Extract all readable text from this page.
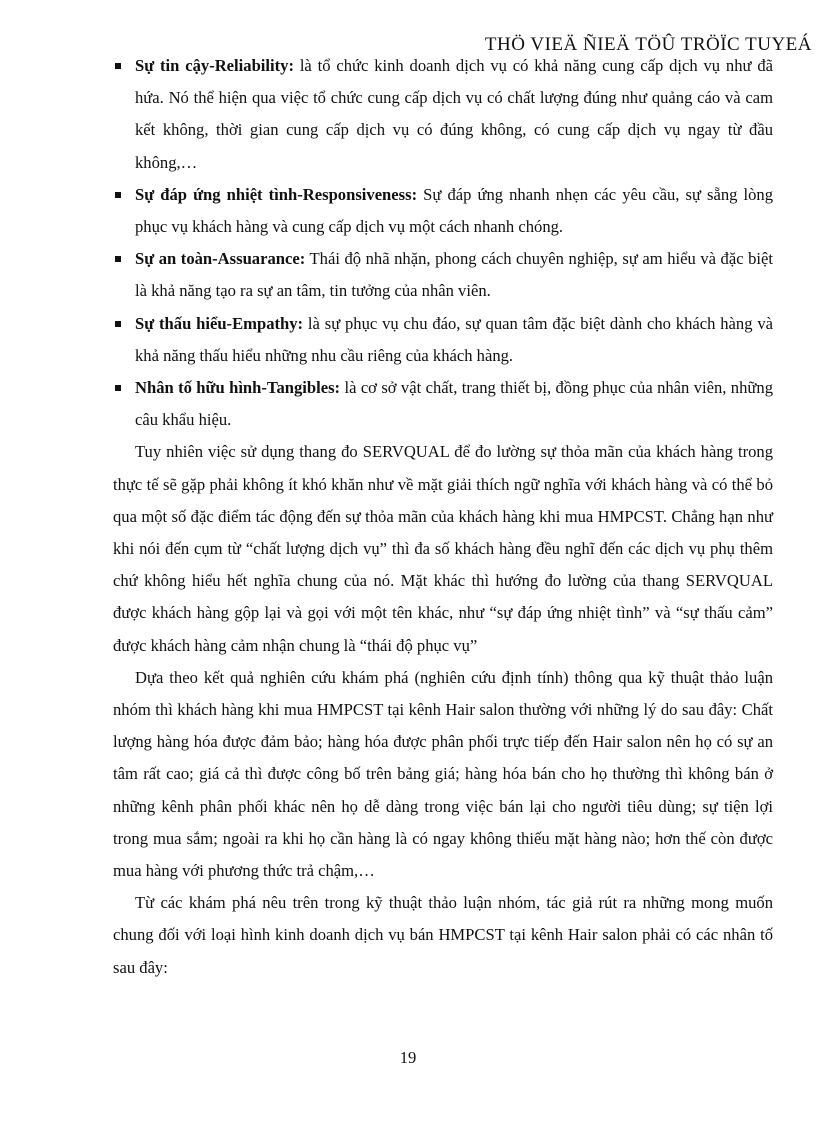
THÖ VIEÄ ÑIEÄ TÖÛ TRÖÏC TUYEÁ
Sự tin cậy-Reliability: là tổ chức kinh doanh dịch vụ có khả năng cung cấp dịch vụ như đã hứa. Nó thể hiện qua việc tổ chức cung cấp dịch vụ có chất lượng đúng như quảng cáo và cam kết không, thời gian cung cấp dịch vụ có đúng không, có cung cấp dịch vụ ngay từ đầu không,…
Sự đáp ứng nhiệt tình-Responsiveness: Sự đáp ứng nhanh nhẹn các yêu cầu, sự sẵng lòng phục vụ khách hàng và cung cấp dịch vụ một cách nhanh chóng.
Sự an toàn-Assuarance: Thái độ nhã nhặn, phong cách chuyên nghiệp, sự am hiểu và đặc biệt là khả năng tạo ra sự an tâm, tin tưởng của nhân viên.
Sự thấu hiểu-Empathy: là sự phục vụ chu đáo, sự quan tâm đặc biệt dành cho khách hàng và khả năng thấu hiểu những nhu cầu riêng của khách hàng.
Nhân tố hữu hình-Tangibles: là cơ sở vật chất, trang thiết bị, đồng phục của nhân viên, những câu khẩu hiệu.

Tuy nhiên việc sử dụng thang đo SERVQUAL để đo lường sự thỏa mãn của khách hàng trong thực tế sẽ gặp phải không ít khó khăn như về mặt giải thích ngữ nghĩa với khách hàng và có thể bỏ qua một số đặc điểm tác động đến sự thỏa mãn của khách hàng khi mua HMPCST. Chẳng hạn như khi nói đến cụm từ “chất lượng dịch vụ” thì đa số khách hàng đều nghĩ đến các dịch vụ phụ thêm chứ không hiểu hết nghĩa chung của nó. Mặt khác thì hướng đo lường của thang SERVQUAL được khách hàng gộp lại và gọi với một tên khác, như “sự đáp ứng nhiệt tình” và “sự thấu cảm” được khách hàng cảm nhận chung là “thái độ phục vụ”

Dựa theo kết quả nghiên cứu khám phá (nghiên cứu định tính) thông qua kỹ thuật thảo luận nhóm thì khách hàng khi mua HMPCST tại kênh Hair salon thường với những lý do sau đây: Chất lượng hàng hóa được đảm bảo; hàng hóa được phân phối trực tiếp đến Hair salon nên họ có sự an tâm rất cao; giá cả thì được công bố trên bảng giá; hàng hóa bán cho họ thường thì không bán ở những kênh phân phối khác nên họ dễ dàng trong việc bán lại cho người tiêu dùng; sự tiện lợi trong mua sắm; ngoài ra khi họ cần hàng là có ngay không thiếu mặt hàng nào; hơn thế còn được mua hàng với phương thức trả chậm,…

Từ các khám phá nêu trên trong kỹ thuật thảo luận nhóm, tác giả rút ra những mong muốn chung đối với loại hình kinh doanh dịch vụ bán HMPCST tại kênh Hair salon phải có các nhân tố sau đây:

19
